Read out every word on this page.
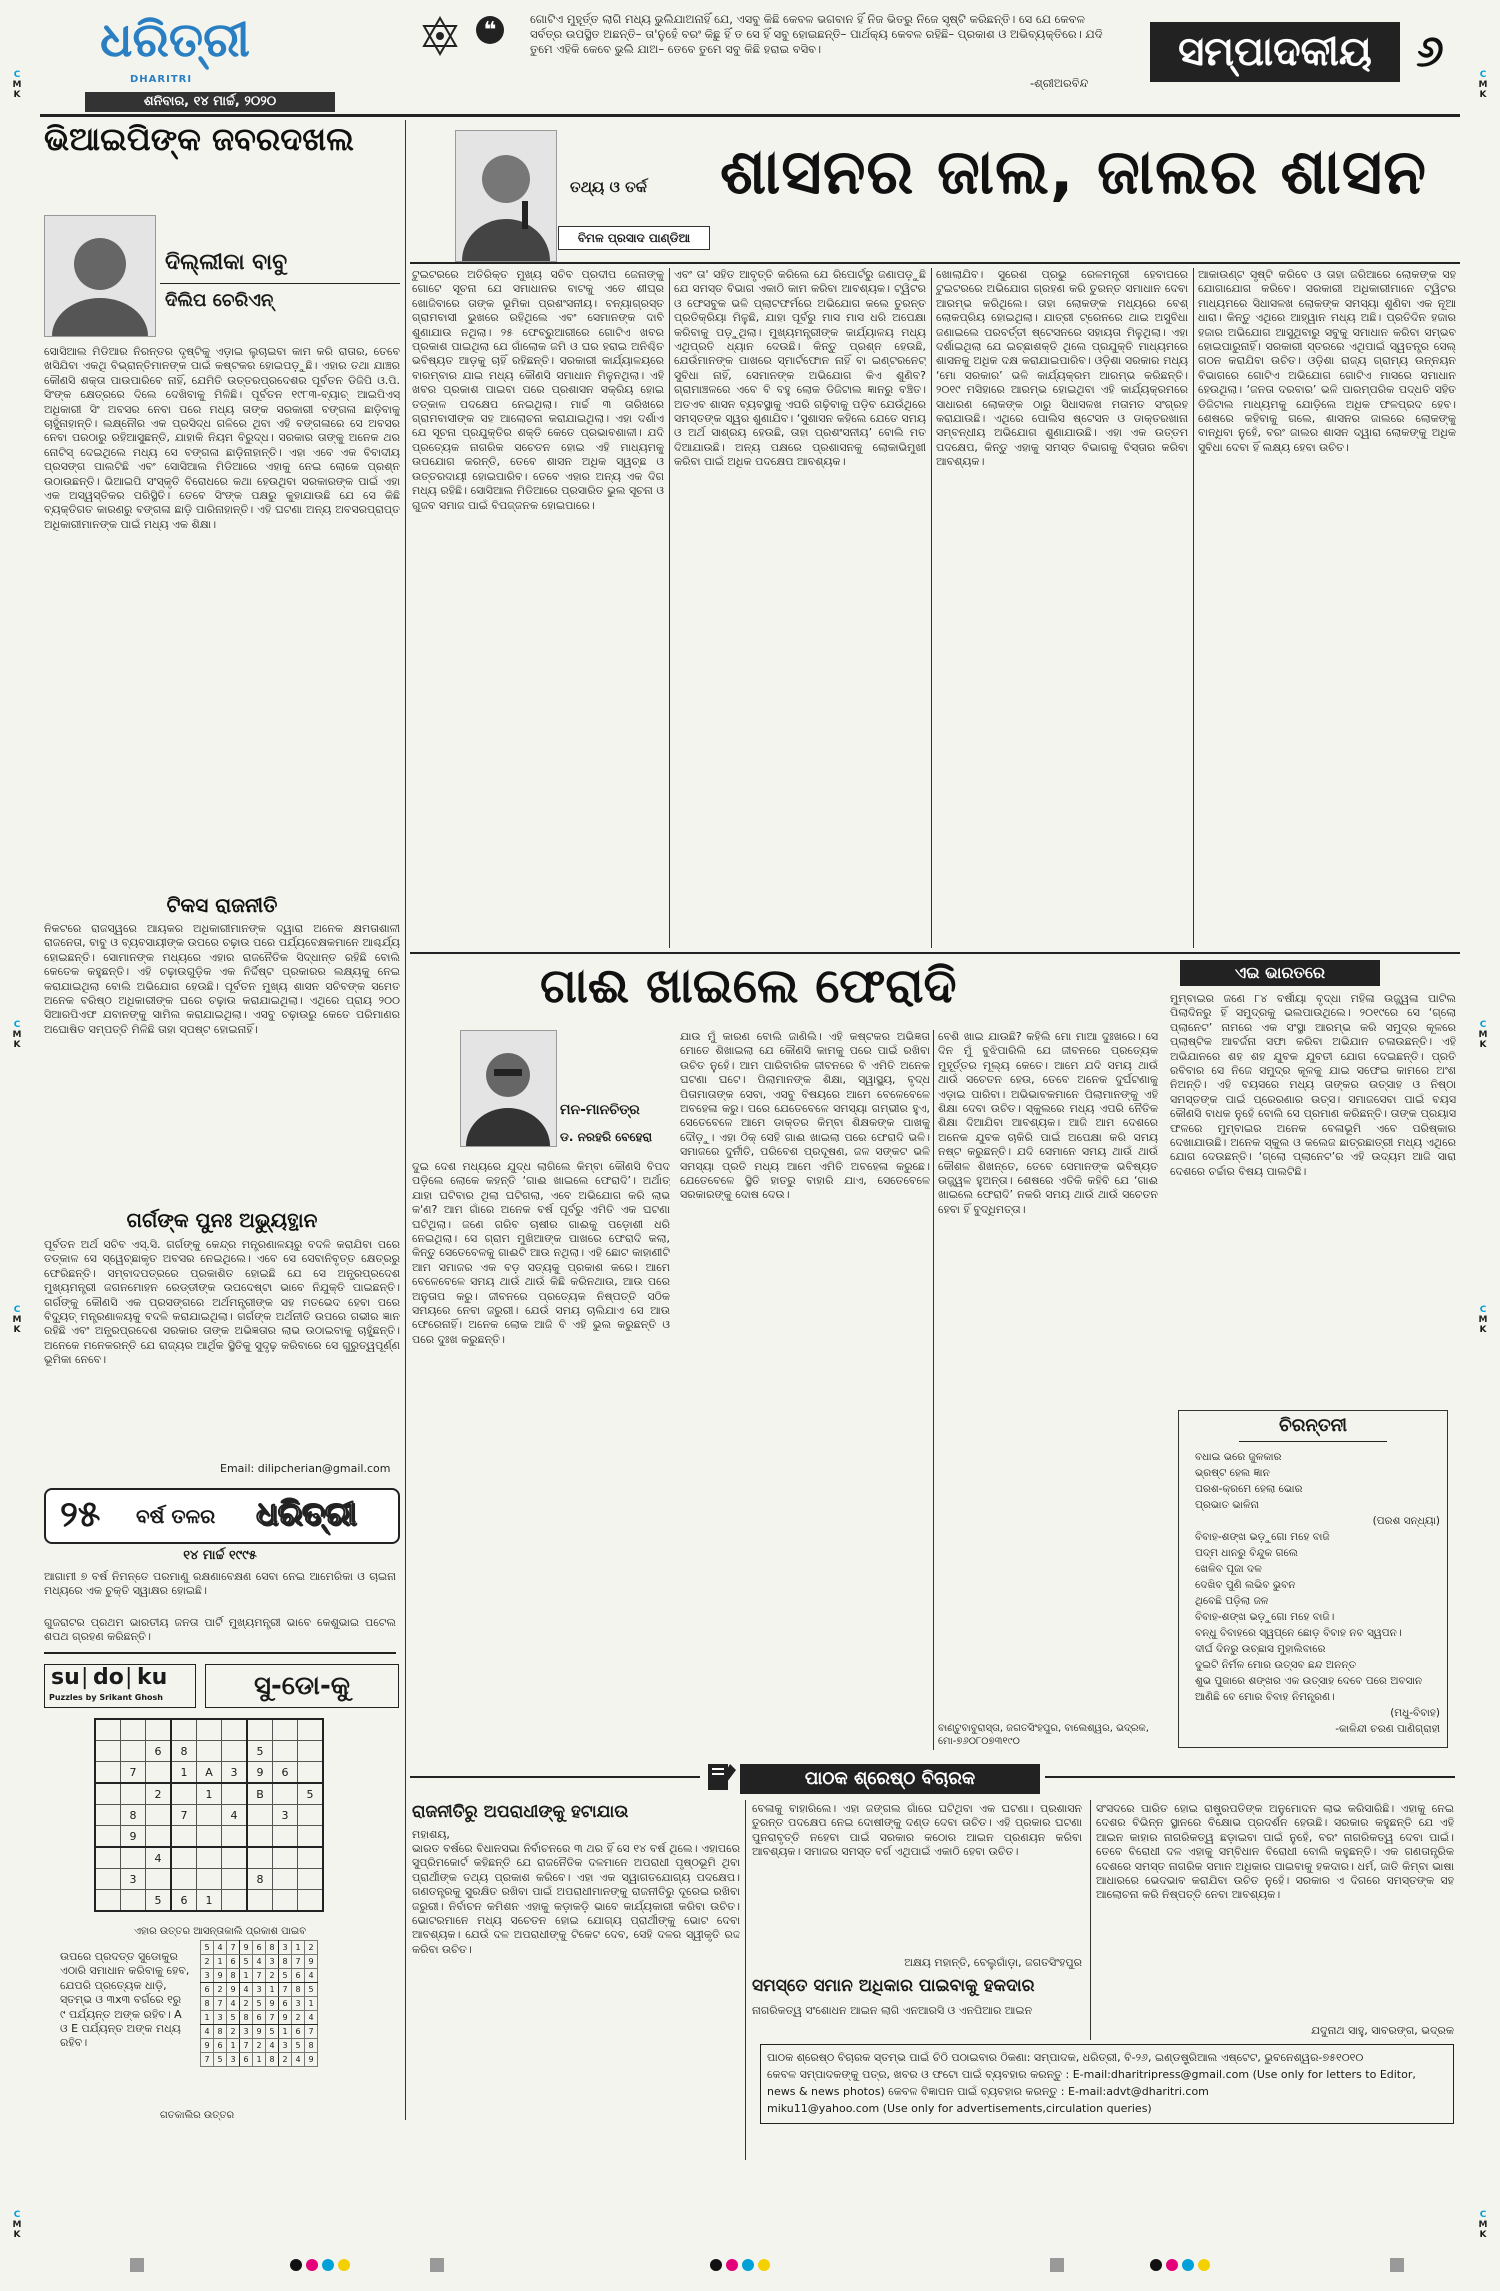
ଧରିତ୍ରୀ
DHARITRI
ଶନିବାର, ୧୪ ମାର୍ଚ୍ଚ, ୨୦୨୦
❝	ଗୋଟିଏ ମୁହୂର୍ତ୍ତ ଲାଗି ମଧ୍ୟ ଭୁଲିଯାଅନାହିଁ ଯେ, ଏସବୁ କିଛି କେବଳ ଭଗବାନ ହିଁ ନିଜ ଭିତରୁ ନିଜେ ସୃଷ୍ଟି କରିଛନ୍ତି। ସେ ଯେ କେବଳ ସର୍ବତ୍ର ଉପସ୍ଥିତ ଅଛନ୍ତି– ତା'ନୁହେଁ ବରଂ କିଛୁ ହିଁ ତ ସେ ହିଁ ସବୁ ହୋଇଛନ୍ତି– ପାର୍ଥକ୍ୟ କେବଳ ରହିଛି– ପ୍ରକାଶ ଓ ଅଭିବ୍ୟକ୍ତିରେ। ଯଦି ତୁମେ ଏହିକି କେବେ ଭୁଲି ଯାଅ– ତେବେ ତୁମେ ସବୁ କିଛି ହରାଇ ବସିବ।
-ଶ୍ରୀଅରବିନ୍ଦ
ସମ୍ପାଦକୀୟ	୬
C
M
K
C
M
K
C
M
K
C
M
K
C
M
K
C
M
K
C
M
K
C
M
K
ଭିଆଇପିଙ୍କ ଜବରଦଖଲ
ଦିଲ୍ଲୀକା ବାବୁ
ଦିଲିପ ଚେରିଏନ୍
ସୋସିଆଲ ମିଡିଆର ନିରନ୍ତର ଦୃଷ୍ଟିକୁ ଏଡ଼ାଇ ଲୁଚାଇବା କାମ କରି ରାତାର, ତେବେ ଖସିଯିବା ଏକଥି ବିଭ୍ରାନ୍ତିମାନଙ୍କ ପାଇଁ କଷ୍ଟକର ହୋଇପଡ଼ୁଛି। ଏହାର ତଥା ଯାଞ୍ଚର କୌଣସି ଶକ୍ତା ପାଉପାରିବେ ନାହିଁ, ଯେମିତି ଉତ୍ତରପ୍ରଦେଶର ପୂର୍ବତନ ଡିଜିପି ଓ.ପି. ସିଂଙ୍କ କ୍ଷେତ୍ରରେ ଦିଲେ ଦେଖିବାକୁ ମିଳିଛି। ପୂର୍ବତନ ୧୯୮୩-ବ୍ୟାଚ୍ ଆଇପିଏସ୍ ଅଧିକାରୀ ସିଂ ଅବସର ନେବା ପରେ ମଧ୍ୟ ତାଙ୍କ ସରକାରୀ ବଙ୍ଗଳା ଛାଡ଼ିବାକୁ ଚାହୁଁନାହାନ୍ତି। ଲକ୍ଷ୍ନୌର ଏକ ପ୍ରସିଦ୍ଧ ଗଳିରେ ଥିବା ଏହି ବଙ୍ଗଳାରେ ସେ ଅବସର ନେବା ପରଠାରୁ ରହିଆସୁଛନ୍ତି, ଯାହାକି ନିୟମ ବିରୁଦ୍ଧ। ସରକାର ତାଙ୍କୁ ଅନେକ ଥର ନୋଟିସ୍ ଦେଇଥିଲେ ମଧ୍ୟ ସେ ବଙ୍ଗଳା ଛାଡ଼ିନାହାନ୍ତି। ଏହା ଏବେ ଏକ ବିବାଦୀୟ ପ୍ରସଙ୍ଗ ପାଲଟିଛି ଏବଂ ସୋସିଆଲ ମିଡିଆରେ ଏହାକୁ ନେଇ ଲୋକେ ପ୍ରଶ୍ନ ଉଠାଉଛନ୍ତି। ଭିଆଇପି ସଂସ୍କୃତି ବିରୋଧରେ କଥା ହେଉଥିବା ସରକାରଙ୍କ ପାଇଁ ଏହା ଏକ ଅସ୍ୱସ୍ତିକର ପରିସ୍ଥିତି। ତେବେ ସିଂଙ୍କ ପକ୍ଷରୁ କୁହାଯାଉଛି ଯେ ସେ କିଛି ବ୍ୟକ୍ତିଗତ କାରଣରୁ ବଙ୍ଗଳା ଛାଡ଼ି ପାରିନାହାନ୍ତି। ଏହି ଘଟଣା ଅନ୍ୟ ଅବସରପ୍ରାପ୍ତ ଅଧିକାରୀମାନଙ୍କ ପାଇଁ ମଧ୍ୟ ଏକ ଶିକ୍ଷା।
ଟିକସ ରାଜନୀତି
ନିକଟରେ ରାଜସ୍ୱରେ ଆୟକର ଅଧିକାରୀମାନଙ୍କ ଦ୍ୱାରା ଅନେକ କ୍ଷମତାଶାଳୀ ରାଜନେତା, ବାବୁ ଓ ବ୍ୟବସାୟୀଙ୍କ ଉପରେ ଚଢ଼ାଉ ପରେ ପର୍ଯ୍ୟବେକ୍ଷକମାନେ ଆଶ୍ଚର୍ଯ୍ୟ ହୋଇଛନ୍ତି। ସୋମାନଙ୍କ ମଧ୍ୟରେ ଏହାର ରାଜନୈତିକ ସିଦ୍ଧାନ୍ତ ରହିଛି ବୋଲି କେତେକ କହୁଛନ୍ତି। ଏହି ଚଢ଼ାଉଗୁଡ଼ିକ ଏକ ନିର୍ଦ୍ଦିଷ୍ଟ ପ୍ରକାରର ଲକ୍ଷ୍ୟକୁ ନେଇ କରାଯାଇଥିଲା ବୋଲି ଅଭିଯୋଗ ହେଉଛି। ପୂର୍ବତନ ମୁଖ୍ୟ ଶାସନ ସଚିବଙ୍କ ସମେତ ଅନେକ ବରିଷ୍ଠ ଅଧିକାରୀଙ୍କ ଘରେ ଚଢ଼ାଉ କରାଯାଇଥିଲା। ଏଥିରେ ପ୍ରାୟ ୨୦୦ ସିଆରପିଏଫ ଯବାନଙ୍କୁ ସାମିଲ କରାଯାଇଥିଲା। ଏସବୁ ଚଢ଼ାଉରୁ କେତେ ପରିମାଣର ଅଘୋଷିତ ସମ୍ପତ୍ତି ମିଳିଛି ତାହା ସ୍ପଷ୍ଟ ହୋଇନାହିଁ।
ଗର୍ଗଙ୍କ ପୁନଃ ଅଭ୍ୟୁତ୍ଥାନ
ପୂର୍ବତନ ଅର୍ଥ ସଚିବ ଏସ୍.ସି. ଗର୍ଗଙ୍କୁ କେନ୍ଦ୍ର ମନ୍ତ୍ରଣାଳୟରୁ ବଦଳି କରାଯିବା ପରେ ତତ୍କାଳ ସେ ସ୍ୱେଚ୍ଛାକୃତ ଅବସର ନେଇଥିଲେ। ଏବେ ସେ ସେବାନିବୃତ୍ତ କ୍ଷେତ୍ରରୁ ଫେରିଛନ୍ତି। ସମ୍ବାଦପତ୍ରରେ ପ୍ରକାଶିତ ହୋଇଛି ଯେ ସେ ଅନ୍ଧ୍ରପ୍ରଦେଶ ମୁଖ୍ୟମନ୍ତ୍ରୀ ଜଗନମୋହନ ରେଡ୍ଡୀଙ୍କ ଉପଦେଷ୍ଟା ଭାବେ ନିଯୁକ୍ତି ପାଇଛନ୍ତି। ଗର୍ଗଙ୍କୁ କୌଣସି ଏକ ପ୍ରସଙ୍ଗରେ ଅର୍ଥମନ୍ତ୍ରୀଙ୍କ ସହ ମତଭେଦ ହେବା ପରେ ବିଦ୍ୟୁତ୍ ମନ୍ତ୍ରଣାଳୟକୁ ବଦଳି କରାଯାଇଥିଲା। ଗର୍ଗଙ୍କ ଅର୍ଥନୀତି ଉପରେ ଗଭୀର ଜ୍ଞାନ ରହିଛି ଏବଂ ଅନ୍ଧ୍ରପ୍ରଦେଶ ସରକାର ତାଙ୍କ ଅଭିଜ୍ଞତାର ଲାଭ ଉଠାଇବାକୁ ଚାହୁଁଛନ୍ତି। ଅନେକେ ମନେକରନ୍ତି ଯେ ରାଜ୍ୟର ଆର୍ଥିକ ସ୍ଥିତିକୁ ସୁଦୃଢ଼ କରିବାରେ ସେ ଗୁରୁତ୍ୱପୂର୍ଣ୍ଣ ଭୂମିକା ନେବେ।
Email: dilipcherian@gmail.com
୨୫ ବର୍ଷ ତଳର ଧରିତ୍ରୀ
୧୪ ମାର୍ଚ୍ଚ ୧୯୯୫
ଆଗାମୀ ୭ ବର୍ଷ ନିମନ୍ତେ ପରମାଣୁ ରକ୍ଷଣାବେକ୍ଷଣ ସେବା ନେଇ ଆମେରିକା ଓ ଚାଇନା ମଧ୍ୟରେ ଏକ ଚୁକ୍ତି ସ୍ୱାକ୍ଷର ହୋଇଛି।
ଗୁଜରାଟର ପ୍ରଥମ ଭାରତୀୟ ଜନତା ପାର୍ଟି ମୁଖ୍ୟମନ୍ତ୍ରୀ ଭାବେ କେଶୁଭାଇ ପଟେଲ ଶପଥ ଗ୍ରହଣ କରିଛନ୍ତି।
su | do | ku
Puzzles by Srikant Ghosh	ସୁ-ଡୋ-କୁ

		6	8			5		
	7		1	A	3	9	6	
		2		1		B		5
	8		7		4		3	
	9							
		4						
	3					8		
		5	6	1				
ଏହାର ଉତ୍ତର ଆସନ୍ତାକାଲି ପ୍ରକାଶ ପାଇବ
ଉପରେ ପ୍ରଦତ୍ତ ସୁଡୋକୁର ଏଠାରି ସମାଧାନ କରିବାକୁ ହେବ, ଯେପରି ପ୍ରତ୍ୟେକ ଧାଡ଼ି, ସ୍ତମ୍ଭ ଓ ୩x୩ ବର୍ଗରେ ୧ରୁ ୯ ପର୍ଯ୍ୟନ୍ତ ଅଙ୍କ ରହିବ। A ଓ E ପର୍ଯ୍ୟନ୍ତ ଅଙ୍କ ମଧ୍ୟ ରହିବ।
5	4	7	9	6	8	3	1	2
2	1	6	5	4	3	8	7	9
3	9	8	1	7	2	5	6	4
6	2	9	4	3	1	7	8	5
8	7	4	2	5	9	6	3	1
1	3	5	8	6	7	9	2	4
4	8	2	3	9	5	1	6	7
9	6	1	7	2	4	3	5	8
7	5	3	6	1	8	2	4	9
ଗତକାଲିର ଉତ୍ତର
ତଥ୍ୟ ଓ ତର୍କ
ବିମଳ ପ୍ରସାଦ ପାଣ୍ଡିଆ
ଶାସନର ଜାଲ, ଜାଲର ଶାସନ
ଟୁଇଟରରେ ଅତିରିକ୍ତ ମୁଖ୍ୟ ସଚିବ ପ୍ରଦୀପ ଜେନାଙ୍କୁ ଗୋଟେ ସୂଚନା ଯେ ସମାଧାନର ବାଟକୁ ଏତେ ଶୀଘ୍ର ଖୋଜିବାରେ ତାଙ୍କ ଭୂମିକା ପ୍ରଶଂସନୀୟ। ବନ୍ୟାଗ୍ରସ୍ତ ଗ୍ରାମବାସୀ ଭୁଖରେ ରହିଥିଲେ ଏବଂ ସେମାନଙ୍କ ଦାବି ଶୁଣାଯାଉ ନଥିଲା। ୨୫ ଫେବ୍ରୁଆରୀରେ ଗୋଟିଏ ଖବର ପ୍ରକାଶ ପାଇଥିଲା ଯେ ଗାଁଲୋକ ଜମି ଓ ଘର ହରାଇ ଅନିଶ୍ଚିତ ଭବିଷ୍ୟତ ଆଡ଼କୁ ଚାହିଁ ରହିଛନ୍ତି। ସରକାରୀ କାର୍ଯ୍ୟାଳୟରେ ବାରମ୍ବାର ଯାଇ ମଧ୍ୟ କୌଣସି ସମାଧାନ ମିଳୁନଥିଲା। ଏହି ଖବର ପ୍ରକାଶ ପାଇବା ପରେ ପ୍ରଶାସନ ସକ୍ରିୟ ହୋଇ ତତ୍କାଳ ପଦକ୍ଷେପ ନେଇଥିଲା। ମାର୍ଚ୍ଚ ୩ ତାରିଖରେ ଗ୍ରାମବାସୀଙ୍କ ସହ ଆଲୋଚନା କରାଯାଇଥିଲା। ଏହା ଦର୍ଶାଏ ଯେ ସୂଚନା ପ୍ରଯୁକ୍ତିର ଶକ୍ତି କେତେ ପ୍ରଭାବଶାଳୀ। ଯଦି ପ୍ରତ୍ୟେକ ନାଗରିକ ସଚେତନ ହୋଇ ଏହି ମାଧ୍ୟମକୁ ଉପଯୋଗ କରନ୍ତି, ତେବେ ଶାସନ ଅଧିକ ସ୍ୱଚ୍ଛ ଓ ଉତ୍ତରଦାୟୀ ହୋଇପାରିବ। ତେବେ ଏହାର ଅନ୍ୟ ଏକ ଦିଗ ମଧ୍ୟ ରହିଛି। ସୋସିଆଲ ମିଡିଆରେ ପ୍ରସାରିତ ଭୁଲ ସୂଚନା ଓ ଗୁଜବ ସମାଜ ପାଇଁ ବିପଜ୍ଜନକ ହୋଇପାରେ।
ଏବଂ ତା' ସହିତ ଆବୃତ୍ତି କରିଲେ ଯେ ରିପୋର୍ଟରୁ ଜଣାପଡ଼ୁଛି ଯେ ସମସ୍ତ ବିଭାଗ ଏକାଠି କାମ କରିବା ଆବଶ୍ୟକ। ଟ୍ୱିଟର ଓ ଫେସବୁକ ଭଳି ପ୍ଲାଟଫର୍ମରେ ଅଭିଯୋଗ କଲେ ତୁରନ୍ତ ପ୍ରତିକ୍ରିୟା ମିଳୁଛି, ଯାହା ପୂର୍ବରୁ ମାସ ମାସ ଧରି ଅପେକ୍ଷା କରିବାକୁ ପଡ଼ୁଥିଲା। ମୁଖ୍ୟମନ୍ତ୍ରୀଙ୍କ କାର୍ଯ୍ୟାଳୟ ମଧ୍ୟ ଏଥିପ୍ରତି ଧ୍ୟାନ ଦେଉଛି। କିନ୍ତୁ ପ୍ରଶ୍ନ ହେଉଛି, ଯେଉଁମାନଙ୍କ ପାଖରେ ସ୍ମାର୍ଟଫୋନ ନାହିଁ ବା ଇଣ୍ଟରନେଟ୍ ସୁବିଧା ନାହିଁ, ସେମାନଙ୍କ ଅଭିଯୋଗ କିଏ ଶୁଣିବ? ଗ୍ରାମାଞ୍ଚଳରେ ଏବେ ବି ବହୁ ଲୋକ ଡିଜିଟାଲ ଜ୍ଞାନରୁ ବଞ୍ଚିତ। ଅତଏବ ଶାସନ ବ୍ୟବସ୍ଥାକୁ ଏପରି ଗଢ଼ିବାକୁ ପଡ଼ିବ ଯେଉଁଥିରେ ସମସ୍ତଙ୍କ ସ୍ୱର ଶୁଣାଯିବ। ‘ସୁଶାସନ କହିଲେ ଯେତେ ସମୟ ଓ ଅର୍ଥ ସାଶ୍ରୟ ହେଉଛି, ତାହା ପ୍ରଶଂସନୀୟ’ ବୋଲି ମତ ଦିଆଯାଉଛି। ଅନ୍ୟ ପକ୍ଷରେ ପ୍ରଶାସନକୁ ଲୋକାଭିମୁଖୀ କରିବା ପାଇଁ ଅଧିକ ପଦକ୍ଷେପ ଆବଶ୍ୟକ।
ଖୋଲାଯିବ। ସୁରେଶ ପ୍ରଭୁ ରେଳମନ୍ତ୍ରୀ ହେବାପରେ ଟୁଇଟରରେ ଅଭିଯୋଗ ଗ୍ରହଣ କରି ତୁରନ୍ତ ସମାଧାନ ଦେବା ଆରମ୍ଭ କରିଥିଲେ। ତାହା ଲୋକଙ୍କ ମଧ୍ୟରେ ବେଶ୍ ଲୋକପ୍ରିୟ ହୋଇଥିଲା। ଯାତ୍ରୀ ଟ୍ରେନରେ ଥାଇ ଅସୁବିଧା ଜଣାଇଲେ ପରବର୍ତ୍ତୀ ଷ୍ଟେସନରେ ସହାୟତା ମିଳୁଥିଲା। ଏହା ଦର୍ଶାଇଥିଲା ଯେ ଇଚ୍ଛାଶକ୍ତି ଥିଲେ ପ୍ରଯୁକ୍ତି ମାଧ୍ୟମରେ ଶାସନକୁ ଅଧିକ ଦକ୍ଷ କରାଯାଇପାରିବ। ଓଡ଼ିଶା ସରକାର ମଧ୍ୟ ‘ମୋ ସରକାର’ ଭଳି କାର୍ଯ୍ୟକ୍ରମ ଆରମ୍ଭ କରିଛନ୍ତି। ୨୦୧୯ ମସିହାରେ ଆରମ୍ଭ ହୋଇଥିବା ଏହି କାର୍ଯ୍ୟକ୍ରମରେ ସାଧାରଣ ଲୋକଙ୍କ ଠାରୁ ସିଧାସଳଖ ମତାମତ ସଂଗ୍ରହ କରାଯାଉଛି। ଏଥିରେ ପୋଲିସ ଷ୍ଟେସନ ଓ ଡାକ୍ତରଖାନା ସମ୍ବନ୍ଧୀୟ ଅଭିଯୋଗ ଶୁଣାଯାଉଛି। ଏହା ଏକ ଉତ୍ତମ ପଦକ୍ଷେପ, କିନ୍ତୁ ଏହାକୁ ସମସ୍ତ ବିଭାଗକୁ ବିସ୍ତାର କରିବା ଆବଶ୍ୟକ।
ଆକାଉଣ୍ଟ ସୃଷ୍ଟି କରିବେ ଓ ତାହା ଜରିଆରେ ଲୋକଙ୍କ ସହ ଯୋଗାଯୋଗ କରିବେ। ସରକାରୀ ଅଧିକାରୀମାନେ ଟ୍ୱିଟର ମାଧ୍ୟମରେ ସିଧାସଳଖ ଲୋକଙ୍କ ସମସ୍ୟା ଶୁଣିବା ଏକ ନୂଆ ଧାରା। କିନ୍ତୁ ଏଥିରେ ଆହ୍ୱାନ ମଧ୍ୟ ଅଛି। ପ୍ରତିଦିନ ହଜାର ହଜାର ଅଭିଯୋଗ ଆସୁଥିବାରୁ ସବୁକୁ ସମାଧାନ କରିବା ସମ୍ଭବ ହୋଇପାରୁନାହିଁ। ସରକାରୀ ସ୍ତରରେ ଏଥିପାଇଁ ସ୍ୱତନ୍ତ୍ର ସେଲ୍ ଗଠନ କରାଯିବା ଉଚିତ। ଓଡ଼ିଶା ରାଜ୍ୟ ଗ୍ରାମ୍ୟ ଉନ୍ନୟନ ବିଭାଗରେ ଗୋଟିଏ ଅଭିଯୋଗ ଗୋଟିଏ ମାସରେ ସମାଧାନ ହେଉଥିଲା। ‘ଜନତା ଦରବାର’ ଭଳି ପାରମ୍ପରିକ ପଦ୍ଧତି ସହିତ ଡିଜିଟାଲ ମାଧ୍ୟମକୁ ଯୋଡ଼ିଲେ ଅଧିକ ଫଳପ୍ରଦ ହେବ। ଶେଷରେ କହିବାକୁ ଗଲେ, ଶାସନର ଜାଲରେ ଲୋକଙ୍କୁ ବାନ୍ଧିବା ନୁହେଁ, ବରଂ ଜାଲର ଶାସନ ଦ୍ୱାରା ଲୋକଙ୍କୁ ଅଧିକ ସୁବିଧା ଦେବା ହିଁ ଲକ୍ଷ୍ୟ ହେବା ଉଚିତ।
ଗାଈ ଖାଇଲେ ଫେରାଦି
ମନ-ମାନଚିତ୍ର
ଡ. ନରହରି ବେହେରା
ଦୁଇ ଦେଶ ମଧ୍ୟରେ ଯୁଦ୍ଧ ଲାଗିଲେ କିମ୍ବା କୌଣସି ବିପଦ ପଡ଼ିଲେ ଲୋକେ କହନ୍ତି ‘ଗାଈ ଖାଇଲେ ଫେରାଦି’। ଅର୍ଥାତ୍ ଯାହା ଘଟିବାର ଥିଲା ଘଟିଗଲା, ଏବେ ଅଭିଯୋଗ କରି ଲାଭ କ'ଣ? ଆମ ଗାଁରେ ଅନେକ ବର୍ଷ ପୂର୍ବରୁ ଏମିତି ଏକ ଘଟଣା ଘଟିଥିଲା। ଜଣେ ଗରିବ ଚାଷୀର ଗାଈକୁ ପଡ଼ୋଶୀ ଧରି ନେଇଥିଲା। ସେ ଗ୍ରାମ ମୁଖିଆଙ୍କ ପାଖରେ ଫେରାଦି କଲା, କିନ୍ତୁ ସେତେବେଳକୁ ଗାଈଟି ଆଉ ନଥିଲା। ଏହି ଛୋଟ କାହାଣୀଟି ଆମ ସମାଜର ଏକ ବଡ଼ ସତ୍ୟକୁ ପ୍ରକାଶ କରେ। ଆମେ ବେଳେବେଳେ ସମୟ ଥାଉଁ ଥାଉଁ କିଛି କରିନଥାଉ, ଆଉ ପରେ ଅନୁତାପ କରୁ। ଜୀବନରେ ପ୍ରତ୍ୟେକ ନିଷ୍ପତ୍ତି ସଠିକ ସମୟରେ ନେବା ଜରୁରୀ। ଯେଉଁ ସମୟ ଚାଲିଯାଏ ସେ ଆଉ ଫେରେନାହିଁ। ଅନେକ ଲୋକ ଆଜି ବି ଏହି ଭୁଲ କରୁଛନ୍ତି ଓ ପରେ ଦୁଃଖ କରୁଛନ୍ତି।
ଯାଉ ମୁଁ କାରଣ ବୋଲି ଜାଣିଲି। ଏହି କଷ୍ଟକର ଅଭିଜ୍ଞତା ମୋତେ ଶିଖାଇଲା ଯେ କୌଣସି କାମକୁ ପରେ ପାଇଁ ରଖିବା ଉଚିତ ନୁହେଁ। ଆମ ପାରିବାରିକ ଜୀବନରେ ବି ଏମିତି ଅନେକ ଘଟଣା ଘଟେ। ପିଲାମାନଙ୍କ ଶିକ୍ଷା, ସ୍ୱାସ୍ଥ୍ୟ, ବୃଦ୍ଧ ପିତାମାତାଙ୍କ ସେବା, ଏସବୁ ବିଷୟରେ ଆମେ ବେଳେବେଳେ ଅବହେଳା କରୁ। ପରେ ଯେତେବେଳେ ସମସ୍ୟା ଗମ୍ଭୀର ହୁଏ, ସେତେବେଳେ ଆମେ ଡାକ୍ତର କିମ୍ବା ଶିକ୍ଷକଙ୍କ ପାଖକୁ ଦୌଡ଼ୁ। ଏହା ଠିକ୍ ସେହି ଗାଈ ଖାଇଲା ପରେ ଫେରାଦି ଭଳି। ସମାଜରେ ଦୁର୍ନୀତି, ପରିବେଶ ପ୍ରଦୂଷଣ, ଜଳ ସଙ୍କଟ ଭଳି ସମସ୍ୟା ପ୍ରତି ମଧ୍ୟ ଆମେ ଏମିତି ଅବହେଳା କରୁଛେ। ଯେତେବେଳେ ସ୍ଥିତି ହାତରୁ ବାହାରି ଯାଏ, ସେତେବେଳେ ସରକାରଙ୍କୁ ଦୋଷ ଦେଉ।
ବେଶି ଖାଇ ଯାଉଛି? କହିଲି ମୋ ମାଆ ଦୁଃଖରେ। ସେ ଦିନ ମୁଁ ବୁଝିପାରିଲି ଯେ ଜୀବନରେ ପ୍ରତ୍ୟେକ ମୁହୂର୍ତ୍ତର ମୂଲ୍ୟ କେତେ। ଆମେ ଯଦି ସମୟ ଥାଉଁ ଥାଉଁ ସଚେତନ ହେଉ, ତେବେ ଅନେକ ଦୁର୍ଘଟଣାକୁ ଏଡ଼ାଇ ପାରିବା। ଅଭିଭାବକମାନେ ପିଲାମାନଙ୍କୁ ଏହି ଶିକ୍ଷା ଦେବା ଉଚିତ। ସ୍କୁଲରେ ମଧ୍ୟ ଏପରି ନୈତିକ ଶିକ୍ଷା ଦିଆଯିବା ଆବଶ୍ୟକ। ଆଜି ଆମ ଦେଶରେ ଅନେକ ଯୁବକ ଚାକିରି ପାଇଁ ଅପେକ୍ଷା କରି ସମୟ ନଷ୍ଟ କରୁଛନ୍ତି। ଯଦି ସେମାନେ ସମୟ ଥାଉଁ ଥାଉଁ କୌଶଳ ଶିଖନ୍ତେ, ତେବେ ସେମାନଙ୍କ ଭବିଷ୍ୟତ ଉଜ୍ଜ୍ୱଳ ହୁଅନ୍ତା। ଶେଷରେ ଏତିକି କହିବି ଯେ ‘ଗାଈ ଖାଇଲେ ଫେରାଦି’ ନକରି ସମୟ ଥାଉଁ ଥାଉଁ ସଚେତନ ହେବା ହିଁ ବୁଦ୍ଧିମତ୍ତା।
ବାଣ୍ଟୁବାବୁରାସ୍ତା, ଜଗତସିଂହପୁର, ବାଲେଶ୍ୱର, ଭଦ୍ରକ, ମୋ-୭୬୦୮୦୭୩୧୯୦
ଏଇ ଭାରତରେ
ମୁମ୍ବାଇର ଜଣେ ୮୪ ବର୍ଷୀୟା ବୃଦ୍ଧା ମହିଳା ଉଜ୍ଜ୍ୱଳା ପାଟିଲ ପିଲାଦିନରୁ ହିଁ ସମୁଦ୍ରକୁ ଭଲପାଉଥିଲେ। ୨୦୧୯ରେ ସେ ‘ଗ୍ଲୋ ପ୍ଲାନେଟ’ ନାମରେ ଏକ ସଂସ୍ଥା ଆରମ୍ଭ କରି ସମୁଦ୍ର କୂଳରେ ପ୍ଲାଷ୍ଟିକ ଆବର୍ଜନା ସଫା କରିବା ଅଭିଯାନ ଚଳାଉଛନ୍ତି। ଏହି ଅଭିଯାନରେ ଶହ ଶହ ଯୁବକ ଯୁବତୀ ଯୋଗ ଦେଇଛନ୍ତି। ପ୍ରତି ରବିବାର ସେ ନିଜେ ସମୁଦ୍ର କୂଳକୁ ଯାଇ ସଫେଇ କାମରେ ଅଂଶ ନିଅନ୍ତି। ଏହି ବୟସରେ ମଧ୍ୟ ତାଙ୍କର ଉତ୍ସାହ ଓ ନିଷ୍ଠା ସମସ୍ତଙ୍କ ପାଇଁ ପ୍ରେରଣାର ଉତ୍ସ। ସମାଜସେବା ପାଇଁ ବୟସ କୌଣସି ବାଧକ ନୁହେଁ ବୋଲି ସେ ପ୍ରମାଣ କରିଛନ୍ତି। ତାଙ୍କ ପ୍ରୟାସ ଫଳରେ ମୁମ୍ବାଇର ଅନେକ ବେଳାଭୂମି ଏବେ ପରିଷ୍କାର ଦେଖାଯାଉଛି। ଅନେକ ସ୍କୁଲ ଓ କଲେଜ ଛାତ୍ରଛାତ୍ରୀ ମଧ୍ୟ ଏଥିରେ ଯୋଗ ଦେଉଛନ୍ତି। ‘ଗ୍ଲୋ ପ୍ଲାନେଟ’ର ଏହି ଉଦ୍ୟମ ଆଜି ସାରା ଦେଶରେ ଚର୍ଚ୍ଚାର ବିଷୟ ପାଲଟିଛି।
ଚିରନ୍ତନୀ
ବଧାଇ ଭରେ ଜୁଳକାର
ଭ୍ରଷ୍ଟ ହେଲ ଜ୍ଞାନ
ପରଶ-କ୍ରମେ ହେଲା ଭୋର
ପ୍ରଭାତ ଭାଳିନା
(ପରଶ ସନ୍ଧ୍ୟା)
ବିବାହ-ଶଙ୍ଖ ଭଡ଼ୁଗୋ ମହେ ବାଜି
ପଦ୍ମ ଧାନରୁ ବିନ୍ଦୁକ ଗଲେ
ଖେଳିବ ପୂଜା ଦଳ
ଦେଖିବ ପୁଣି ଲଭିବ ଭୁବନ
ଥିବେଛି ପଡ଼ିଲା ଜଳ
ବିବାହ-ଶଙ୍ଖ ଭଡ଼ୁଗୋ ମହେ ବାଜି।
ବନ୍ଧୁ ବିବାହରେ ସ୍ୱପ୍ନେ ଛୋଡ଼ ବିବାହ ନବ ସ୍ୱପନ।
ଦୀର୍ଘ ଦିନରୁ ଉଚ୍ଛାସ ମୁହାଲିବାରେ
ଦୁଇଟି ନିର୍ମଳ ମୋର ଉତ୍ସବ ଛନ୍ଦ ଅନନ୍ତ
ଶୁଭ ପୁଜାରେ ଶଙ୍ଖର ଏକ ଉତ୍ସାହ ଦେବେ ପରେ ଅବସାନ
ଆଣିଛି ବେ ମୋର ବିବାହ ନିମନ୍ତ୍ରଣ।
(ମଧୁ-ବିବାହ)
-କାଳିନ୍ଦୀ ଚରଣ ପାଣିଗ୍ରାହୀ
ପାଠକ ଶ୍ରେଷ୍ଠ ବିଚାରକ
ରାଜନୀତିରୁ ଅପରାଧୀଙ୍କୁ ହଟାଯାଉ
ମହାଶୟ,
ଭାରତ ବର୍ଷରେ ବିଧାନସଭା ନିର୍ବାଚନରେ ୩ ଥର ହିଁ ସେ ୧୪ ବର୍ଷ ଥିଲେ। ଏହାପରେ ସୁପ୍ରିମକୋର୍ଟ କହିଛନ୍ତି ଯେ ରାଜନୈତିକ ଦଳମାନେ ଅପରାଧୀ ପୃଷ୍ଠଭୂମି ଥିବା ପ୍ରାର୍ଥୀଙ୍କ ତଥ୍ୟ ପ୍ରକାଶ କରିବେ। ଏହା ଏକ ସ୍ୱାଗତଯୋଗ୍ୟ ପଦକ୍ଷେପ। ଗଣତନ୍ତ୍ରକୁ ସୁରକ୍ଷିତ ରଖିବା ପାଇଁ ଅପରାଧୀମାନଙ୍କୁ ରାଜନୀତିରୁ ଦୂରେଇ ରଖିବା ଜରୁରୀ। ନିର୍ବାଚନ କମିଶନ ଏହାକୁ କଡ଼ାକଡ଼ି ଭାବେ କାର୍ଯ୍ୟକାରୀ କରିବା ଉଚିତ। ଭୋଟରମାନେ ମଧ୍ୟ ସଚେତନ ହୋଇ ଯୋଗ୍ୟ ପ୍ରାର୍ଥୀଙ୍କୁ ଭୋଟ ଦେବା ଆବଶ୍ୟକ। ଯେଉଁ ଦଳ ଅପରାଧୀଙ୍କୁ ଟିକେଟ ଦେବ, ସେହି ଦଳର ସ୍ୱୀକୃତି ରଦ୍ଦ କରିବା ଉଚିତ।
ବେଳାକୁ ବାହାରିଲେ। ଏହା ଜଙ୍ଗଲ ଗାଁରେ ଘଟିଥିବା ଏକ ଘଟଣା। ପ୍ରଶାସନ ତୁରନ୍ତ ପଦକ୍ଷେପ ନେଇ ଦୋଷୀଙ୍କୁ ଦଣ୍ଡ ଦେବା ଉଚିତ। ଏହି ପ୍ରକାର ଘଟଣା ପୁନରାବୃତ୍ତି ନହେବା ପାଇଁ ସରକାର କଠୋର ଆଇନ ପ୍ରଣୟନ କରିବା ଆବଶ୍ୟକ। ସମାଜର ସମସ୍ତ ବର୍ଗ ଏଥିପାଇଁ ଏକାଠି ହେବା ଉଚିତ।
ଅକ୍ଷୟ ମହାନ୍ତି, ବେଲୁଗାଁଡ଼ା, ଜଗତସିଂହପୁର
ସମସ୍ତେ ସମାନ ଅଧିକାର ପାଇବାକୁ ହକଦାର
ନାଗରିକତ୍ୱ ସଂଶୋଧନ ଆଇନ ଲାଗି ଏନଆରସି ଓ ଏନପିଆର ଆଇନ
ସଂସଦରେ ପାରିତ ହୋଇ ରାଷ୍ଟ୍ରପତିଙ୍କ ଅନୁମୋଦନ ଲାଭ କରିସାରିଛି। ଏହାକୁ ନେଇ ଦେଶର ବିଭିନ୍ନ ସ୍ଥାନରେ ବିକ୍ଷୋଭ ପ୍ରଦର୍ଶନ ହେଉଛି। ସରକାର କହୁଛନ୍ତି ଯେ ଏହି ଆଇନ କାହାର ନାଗରିକତ୍ୱ ଛଡ଼ାଇବା ପାଇଁ ନୁହେଁ, ବରଂ ନାଗରିକତ୍ୱ ଦେବା ପାଇଁ। ତେବେ ବିରୋଧୀ ଦଳ ଏହାକୁ ସମ୍ବିଧାନ ବିରୋଧୀ ବୋଲି କହୁଛନ୍ତି। ଏକ ଗଣତାନ୍ତ୍ରିକ ଦେଶରେ ସମସ୍ତ ନାଗରିକ ସମାନ ଅଧିକାର ପାଇବାକୁ ହକଦାର। ଧର୍ମ, ଜାତି କିମ୍ବା ଭାଷା ଆଧାରରେ ଭେଦଭାବ କରାଯିବା ଉଚିତ ନୁହେଁ। ସରକାର ଏ ଦିଗରେ ସମସ୍ତଙ୍କ ସହ ଆଲୋଚନା କରି ନିଷ୍ପତ୍ତି ନେବା ଆବଶ୍ୟକ।
ଯଦୁନାଥ ସାହୁ, ସାବରଙ୍ଗ, ଭଦ୍ରକ
ପାଠକ ଶ୍ରେଷ୍ଠ ବିଚାରକ ସ୍ତମ୍ଭ ପାଇଁ ଚିଠି ପଠାଇବାର ଠିକଣା: ସମ୍ପାଦକ, ଧରିତ୍ରୀ, ବି-୨୬, ଇଣ୍ଡଷ୍ଟ୍ରିଆଲ ଏଷ୍ଟେଟ, ଭୁବନେଶ୍ୱର-୭୫୧୦୧୦
କେବଳ ସମ୍ପାଦକଙ୍କୁ ପତ୍ର, ଖବର ଓ ଫଟୋ ପାଇଁ ବ୍ୟବହାର କରନ୍ତୁ : E-mail:dharitripress@gmail.com (Use only for letters to Editor,
news & news photos) କେବଳ ବିଜ୍ଞାପନ ପାଇଁ ବ୍ୟବହାର କରନ୍ତୁ : E-mail:advt@dharitri.com
miku11@yahoo.com (Use only for advertisements,circulation queries)
